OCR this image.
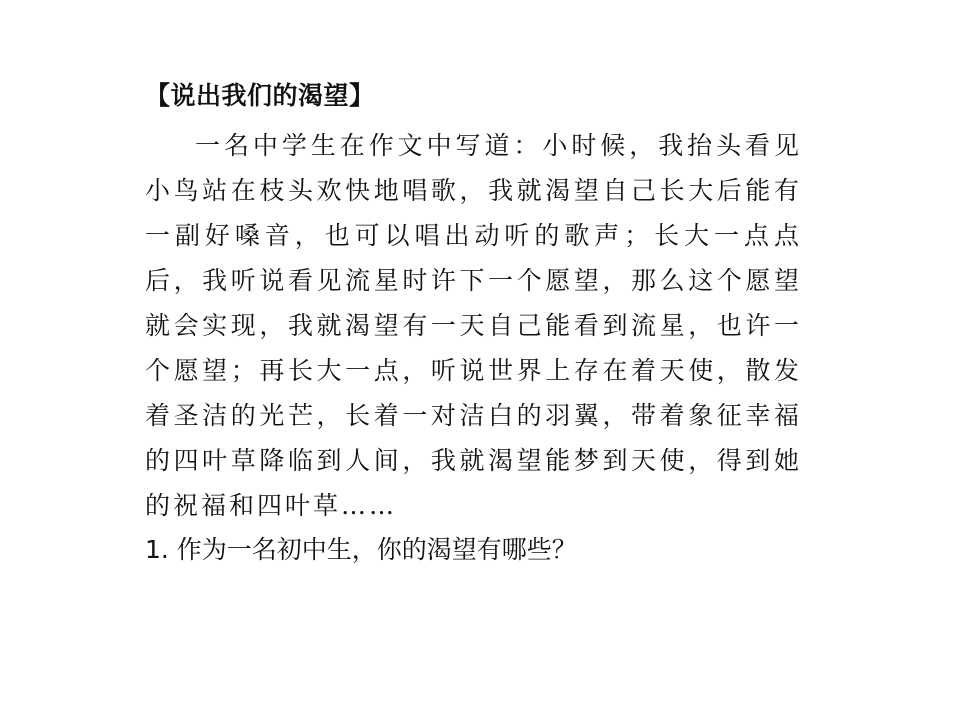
【说出我们的渴望】

一名中学生在作文中写道：小时候，我抬头看见小鸟站在枝头欢快地唱歌，我就渴望自己长大后能有一副好嗓音，也可以唱出动听的歌声；长大一点点后，我听说看见流星时许下一个愿望，那么这个愿望就会实现，我就渴望有一天自己能看到流星，也许一个愿望；再长大一点，听说世界上存在着天使，散发着圣洁的光芒，长着一对洁白的羽翼，带着象征幸福的四叶草降临到人间，我就渴望能梦到天使，得到她的祝福和四叶草……

1. 作为一名初中生，你的渴望有哪些？
